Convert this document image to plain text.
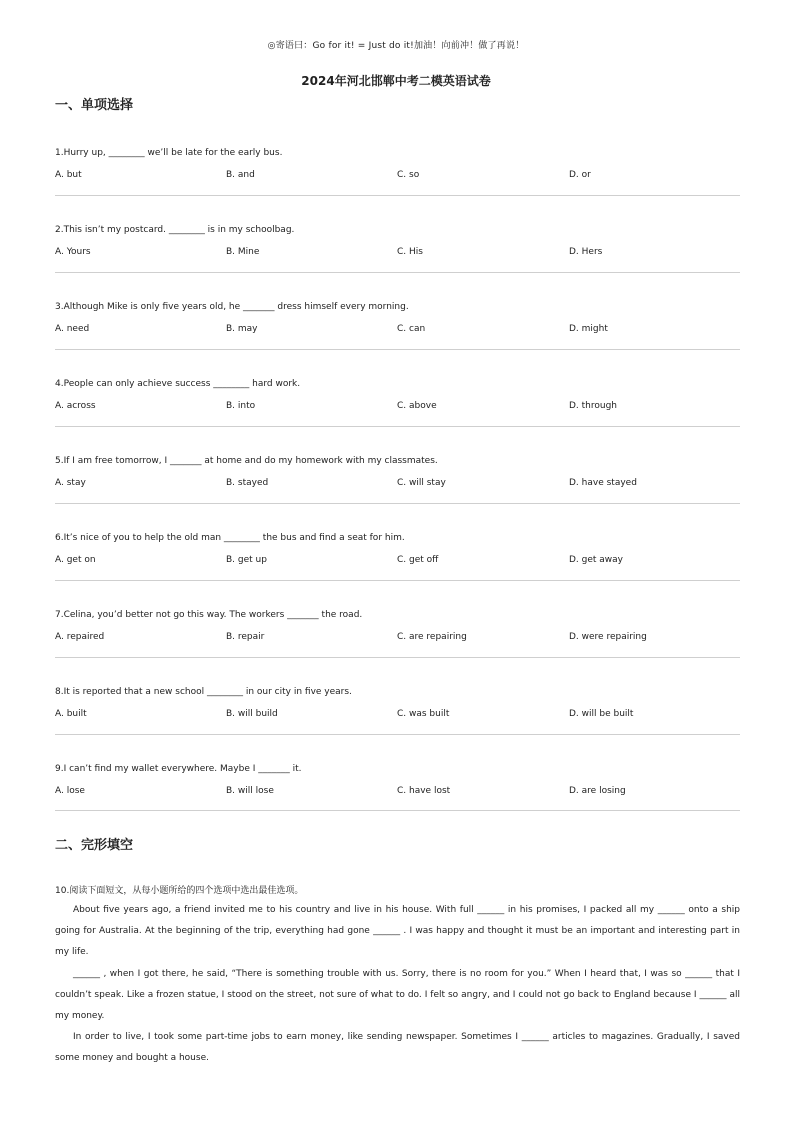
◎寄语曰：Go for it! = Just do it!加油！向前冲！做了再说！
2024年河北邯郸中考二模英语试卷
一、单项选择
1.Hurry up, ________ we’ll be late for the early bus.
A. but	B. and	C. so	D. or
2.This isn’t my postcard. ________ is in my schoolbag.
A. Yours	B. Mine	C. His	D. Hers
3.Although Mike is only five years old, he _______ dress himself every morning.
A. need	B. may	C. can	D. might
4.People can only achieve success ________ hard work.
A. across	B. into	C. above	D. through
5.If I am free tomorrow, I _______ at home and do my homework with my classmates.
A. stay	B. stayed	C. will stay	D. have stayed
6.It’s nice of you to help the old man ________ the bus and find a seat for him.
A. get on	B. get up	C. get off	D. get away
7.Celina, you’d better not go this way. The workers _______ the road.
A. repaired	B. repair	C. are repairing	D. were repairing
8.It is reported that a new school ________ in our city in five years.
A. built	B. will build	C. was built	D. will be built
9.I can’t find my wallet everywhere. Maybe I _______ it.
A. lose	B. will lose	C. have lost	D. are losing
二、完形填空
10.阅读下面短文，从每小题所给的四个选项中选出最佳选项。

About five years ago, a friend invited me to his country and live in his house. With full ______ in his promises, I packed all my ______ onto a ship going for Australia. At the beginning of the trip, everything had gone ______ . I was happy and thought it must be an important and interesting part in my life.

______ , when I got there, he said, “There is something trouble with us. Sorry, there is no room for you.” When I heard that, I was so ______ that I couldn’t speak. Like a frozen statue, I stood on the street, not sure of what to do. I felt so angry, and I could not go back to England because I ______ all my money.

In order to live, I took some part-time jobs to earn money, like sending newspaper. Sometimes I ______ articles to magazines. Gradually, I saved some money and bought a house.
